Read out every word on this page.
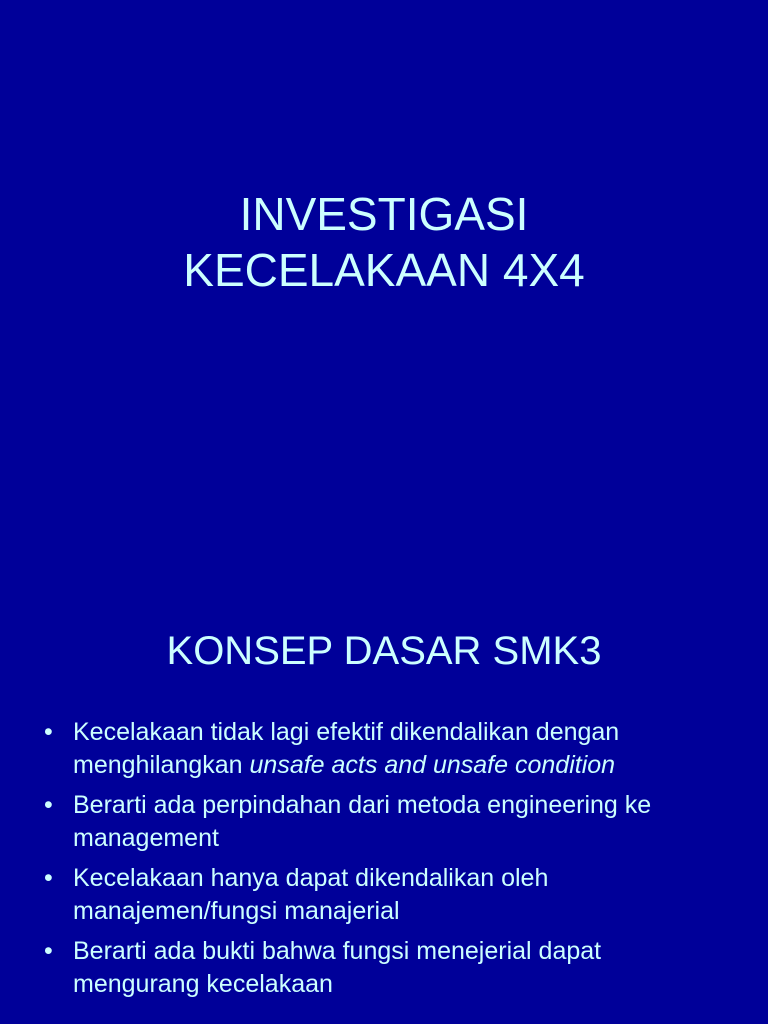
INVESTIGASI
KECELAKAAN 4X4
KONSEP DASAR SMK3
• Kecelakaan tidak lagi efektif dikendalikan dengan menghilangkan unsafe acts and unsafe condition
• Berarti ada perpindahan dari metoda engineering ke management
• Kecelakaan hanya dapat dikendalikan oleh manajemen/fungsi manajerial
• Berarti ada bukti bahwa fungsi menejerial dapat mengurang kecelakaan
